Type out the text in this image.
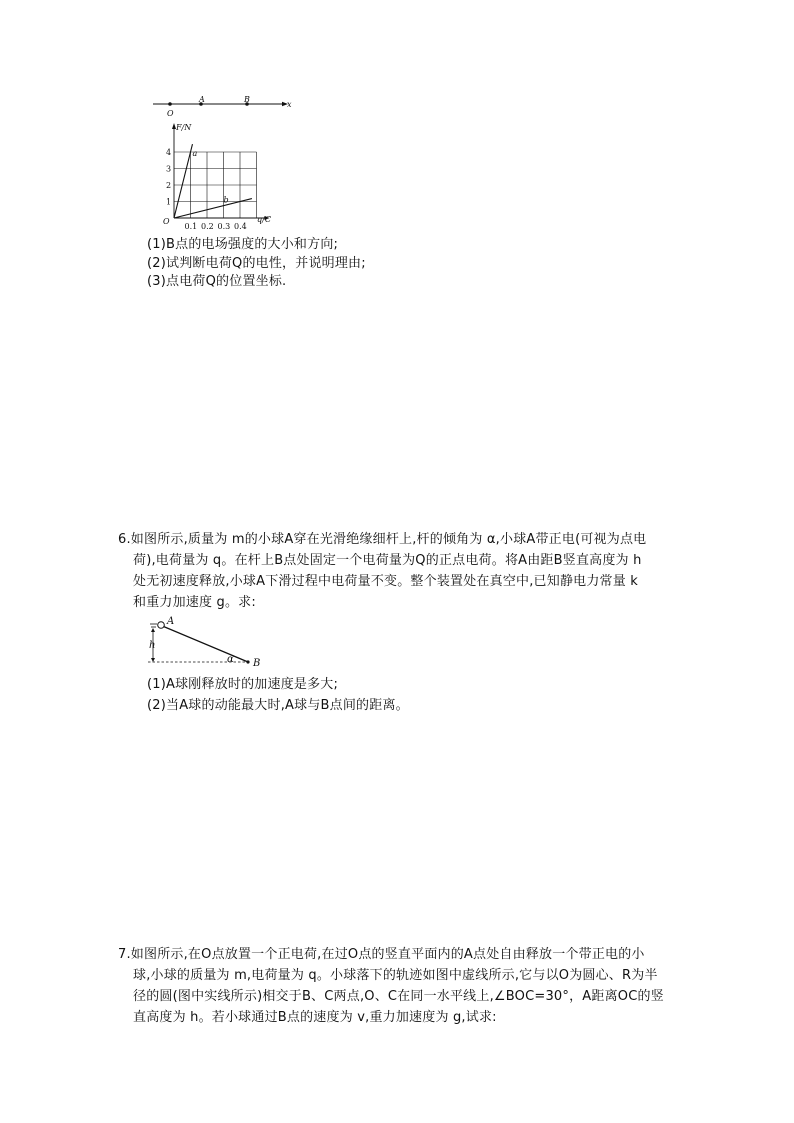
O
A	B
x
a
b
0.1 0.2 0.3 0.4
1
2
3
4
F/N
q/C
O
(1)B点的电场强度的大小和方向;
(2)试判断电荷Q的电性，并说明理由;
(3)点电荷Q的位置坐标.
6.如图所示,质量为 m的小球A穿在光滑绝缘细杆上,杆的倾角为 α,小球A带正电(可视为点电
荷),电荷量为 q。在杆上B点处固定一个电荷量为Q的正点电荷。将A由距B竖直高度为 h
处无初速度释放,小球A下滑过程中电荷量不变。整个装置处在真空中,已知静电力常量 k
和重力加速度 g。求:
A
B
h
α
(1)A球刚释放时的加速度是多大;
(2)当A球的动能最大时,A球与B点间的距离。
7.如图所示,在O点放置一个正电荷,在过O点的竖直平面内的A点处自由释放一个带正电的小
球,小球的质量为 m,电荷量为 q。小球落下的轨迹如图中虚线所示,它与以O为圆心、R为半
径的圆(图中实线所示)相交于B、C两点,O、C在同一水平线上,∠BOC=30°，A距离OC的竖
直高度为 h。若小球通过B点的速度为 v,重力加速度为 g,试求:
